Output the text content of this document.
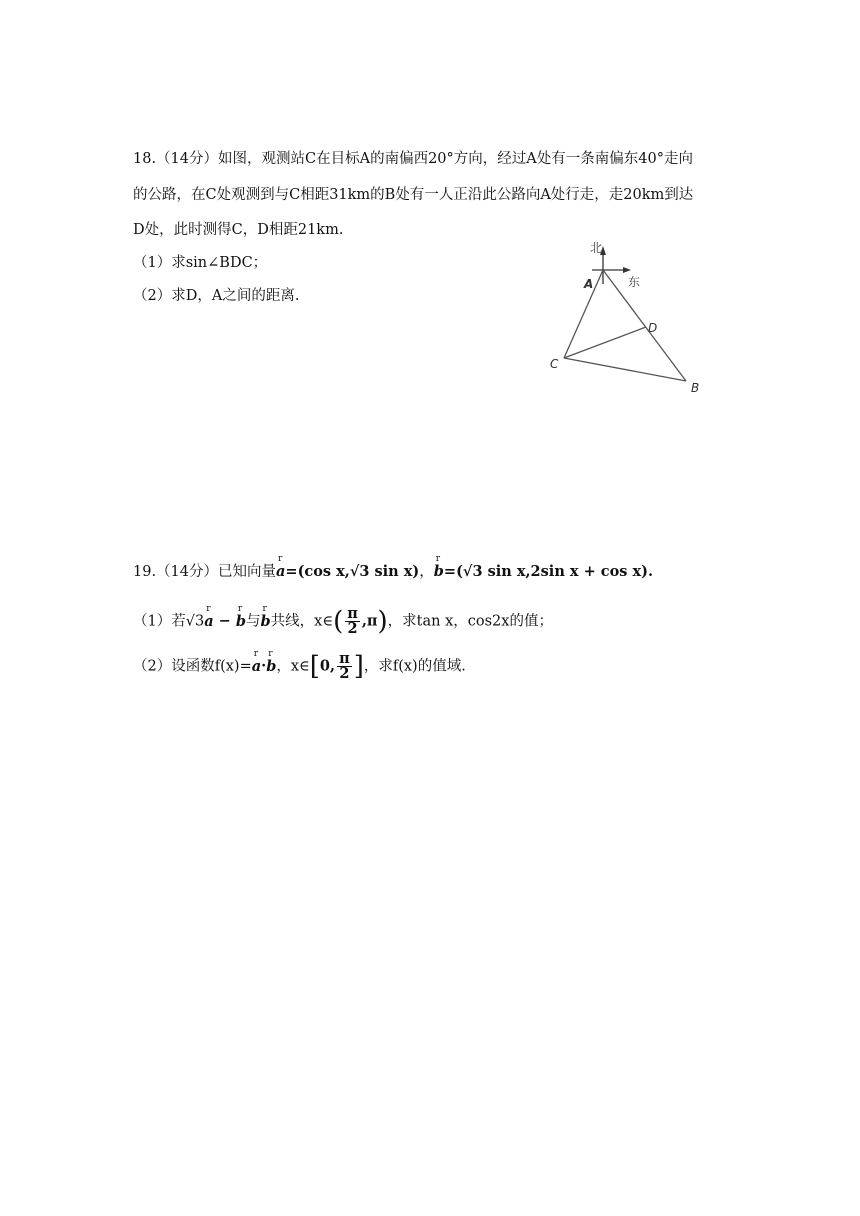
18.（14分）如图，观测站C在目标A的南偏西20°方向，经过A处有一条南偏东40°走向
的公路，在C处观测到与C相距31km的B处有一人正沿此公路向A处行走，走20km到达
D处，此时测得C，D相距21km.
（1）求sin∠BDC；
（2）求D，A之间的距离.
北
东
A
D
C
B
19.（14分）已知向量r a=(cos x,√3 sin x)，r b=(√3 sin x,2sin x + cos x).
（1）若√3r a − r b与r b共线，x∈( $\frac{\pi}{2} ,\pi$)，求tan x，cos2x的值；
（2）设函数f(x)=r a·r b，x∈[0, $\frac{\pi}{2}$ ]，求f(x)的值域.
